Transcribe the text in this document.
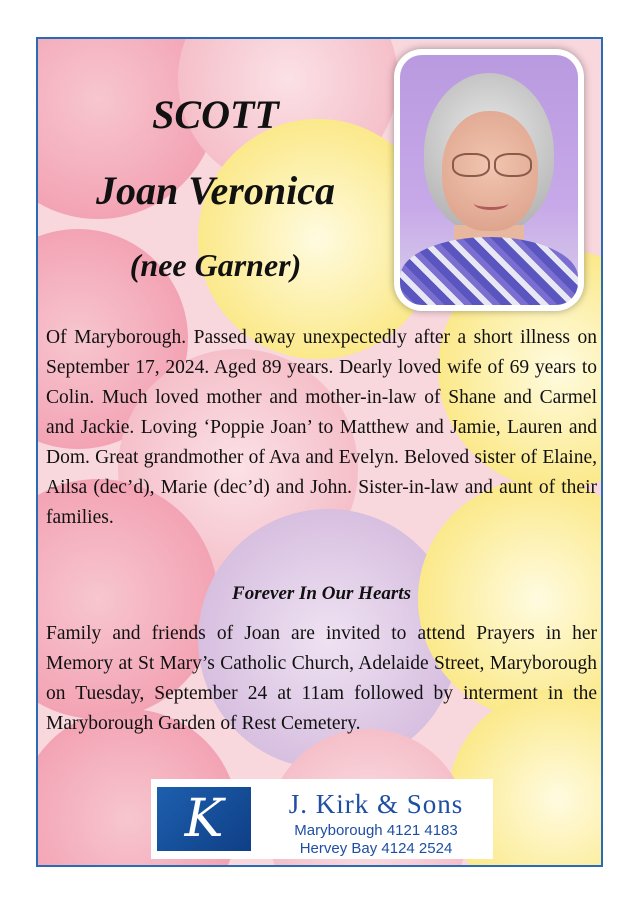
SCOTT
Joan Veronica
(nee Garner)

Of Maryborough. Passed away unexpectedly after a short illness on September 17, 2024. Aged 89 years. Dearly loved wife of 69 years to Colin. Much loved mother and mother-in-law of Shane and Carmel and Jackie. Loving ‘Poppie Joan’ to Matthew and Jamie, Lauren and Dom. Great grandmother of Ava and Evelyn. Beloved sister of Elaine, Ailsa (dec’d), Marie (dec’d) and John. Sister-in-law and aunt of their families.

Forever In Our Hearts

Family and friends of Joan are invited to attend Prayers in her Memory at St Mary’s Catholic Church, Adelaide Street, Maryborough on Tuesday, September 24 at 11am followed by interment in the Maryborough Garden of Rest Cemetery.

K	J. Kirk & Sons
Maryborough 4121 4183
Hervey Bay 4124 2524
